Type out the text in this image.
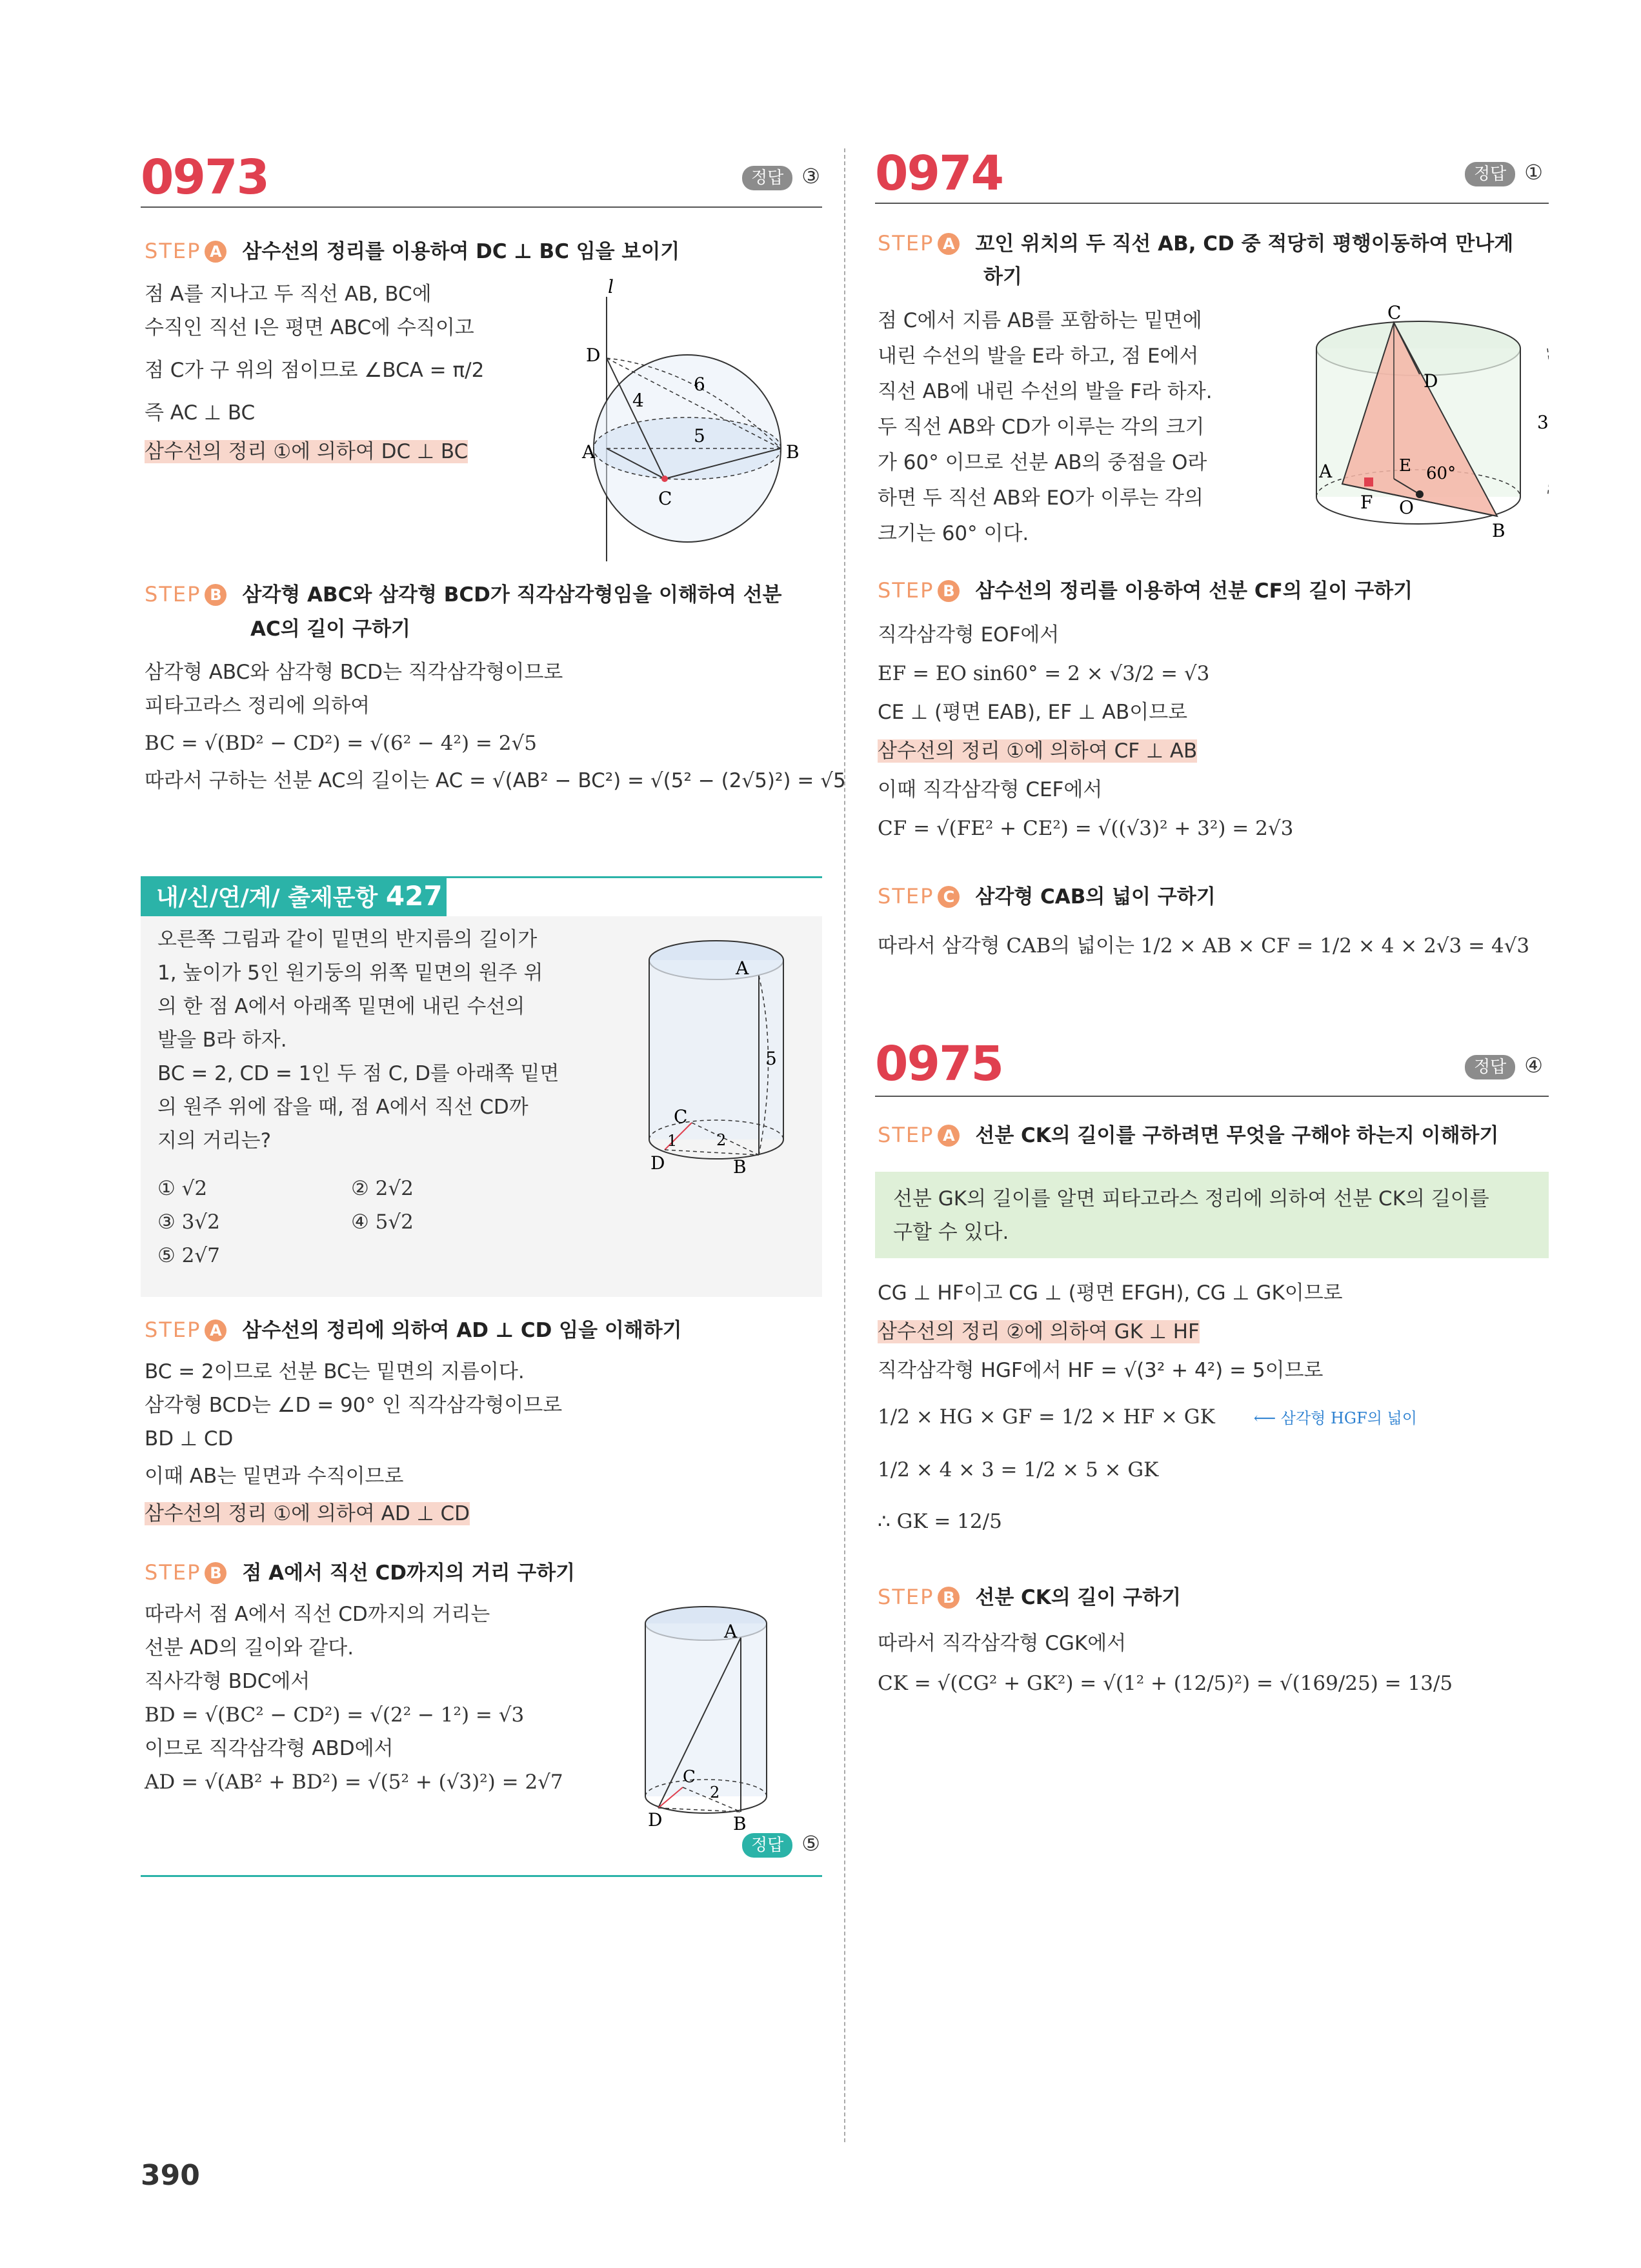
0973	정답 ③
STEP A 삼수선의 정리를 이용하여 DC ⊥ BC 임을 보이기
점 A를 지나고 두 직선 AB, BC에
수직인 직선 l은 평면 ABC에 수직이고
점 C가 구 위의 점이므로 ∠BCA = π/2
즉 AC ⊥ BC
삼수선의 정리 ①에 의하여 DC ⊥ BC
l
D
A	B
C
4
6
5
STEP B 삼각형 ABC와 삼각형 BCD가 직각삼각형임을 이해하여 선분
AC의 길이 구하기
삼각형 ABC와 삼각형 BCD는 직각삼각형이므로
피타고라스 정리에 의하여
BC = √(BD² − CD²) = √(6² − 4²) = 2√5
따라서 구하는 선분 AC의 길이는 AC = √(AB² − BC²) = √(5² − (2√5)²) = √5
내/신/연/계/ 출제문항 427
오른쪽 그림과 같이 밑면의 반지름의 길이가
1, 높이가 5인 원기둥의 위쪽 밑면의 원주 위
의 한 점 A에서 아래쪽 밑면에 내린 수선의
발을 B라 하자.
BC = 2, CD = 1인 두 점 C, D를 아래쪽 밑면
의 원주 위에 잡을 때, 점 A에서 직선 CD까
지의 거리는?
① √2	② 2√2
③ 3√2	④ 5√2
⑤ 2√7
A
5
C
1	2
D	B
STEP A 삼수선의 정리에 의하여 AD ⊥ CD 임을 이해하기
BC = 2이므로 선분 BC는 밑면의 지름이다.
삼각형 BCD는 ∠D = 90° 인 직각삼각형이므로
BD ⊥ CD
이때 AB는 밑면과 수직이므로
삼수선의 정리 ①에 의하여 AD ⊥ CD
STEP B 점 A에서 직선 CD까지의 거리 구하기
따라서 점 A에서 직선 CD까지의 거리는
선분 AD의 길이와 같다.
직사각형 BDC에서
BD = √(BC² − CD²) = √(2² − 1²) = √3
이므로 직각삼각형 ABD에서
AD = √(AB² + BD²) = √(5² + (√3)²) = 2√7
A
C
2
D	B
정답 ⑤
390
0974	정답 ①
STEP A 꼬인 위치의 두 직선 AB, CD 중 적당히 평행이동하여 만나게
하기
점 C에서 지름 AB를 포함하는 밑면에
내린 수선의 발을 E라 하고, 점 E에서
직선 AB에 내린 수선의 발을 F라 하자.
두 직선 AB와 CD가 이루는 각의 크기
가 60° 이므로 선분 AB의 중점을 O라
하면 두 직선 AB와 EO가 이루는 각의
크기는 60° 이다.
C
D
3
A	E 60°
F O
B
STEP B 삼수선의 정리를 이용하여 선분 CF의 길이 구하기
직각삼각형 EOF에서
EF = EO sin60° = 2 × √3/2 = √3
CE ⊥ (평면 EAB), EF ⊥ AB이므로
삼수선의 정리 ①에 의하여 CF ⊥ AB
이때 직각삼각형 CEF에서
CF = √(FE² + CE²) = √((√3)² + 3²) = 2√3
STEP C 삼각형 CAB의 넓이 구하기
따라서 삼각형 CAB의 넓이는 1/2 × AB × CF = 1/2 × 4 × 2√3 = 4√3
0975	정답 ④
STEP A 선분 CK의 길이를 구하려면 무엇을 구해야 하는지 이해하기
선분 GK의 길이를 알면 피타고라스 정리에 의하여 선분 CK의 길이를
구할 수 있다.
CG ⊥ HF이고 CG ⊥ (평면 EFGH), CG ⊥ GK이므로
삼수선의 정리 ②에 의하여 GK ⊥ HF
직각삼각형 HGF에서 HF = √(3² + 4²) = 5이므로
1/2 × HG × GF = 1/2 × HF × GK	⟵ 삼각형 HGF의 넓이
1/2 × 4 × 3 = 1/2 × 5 × GK
∴ GK = 12/5
STEP B 선분 CK의 길이 구하기
따라서 직각삼각형 CGK에서
CK = √(CG² + GK²) = √(1² + (12/5)²) = √(169/25) = 13/5
